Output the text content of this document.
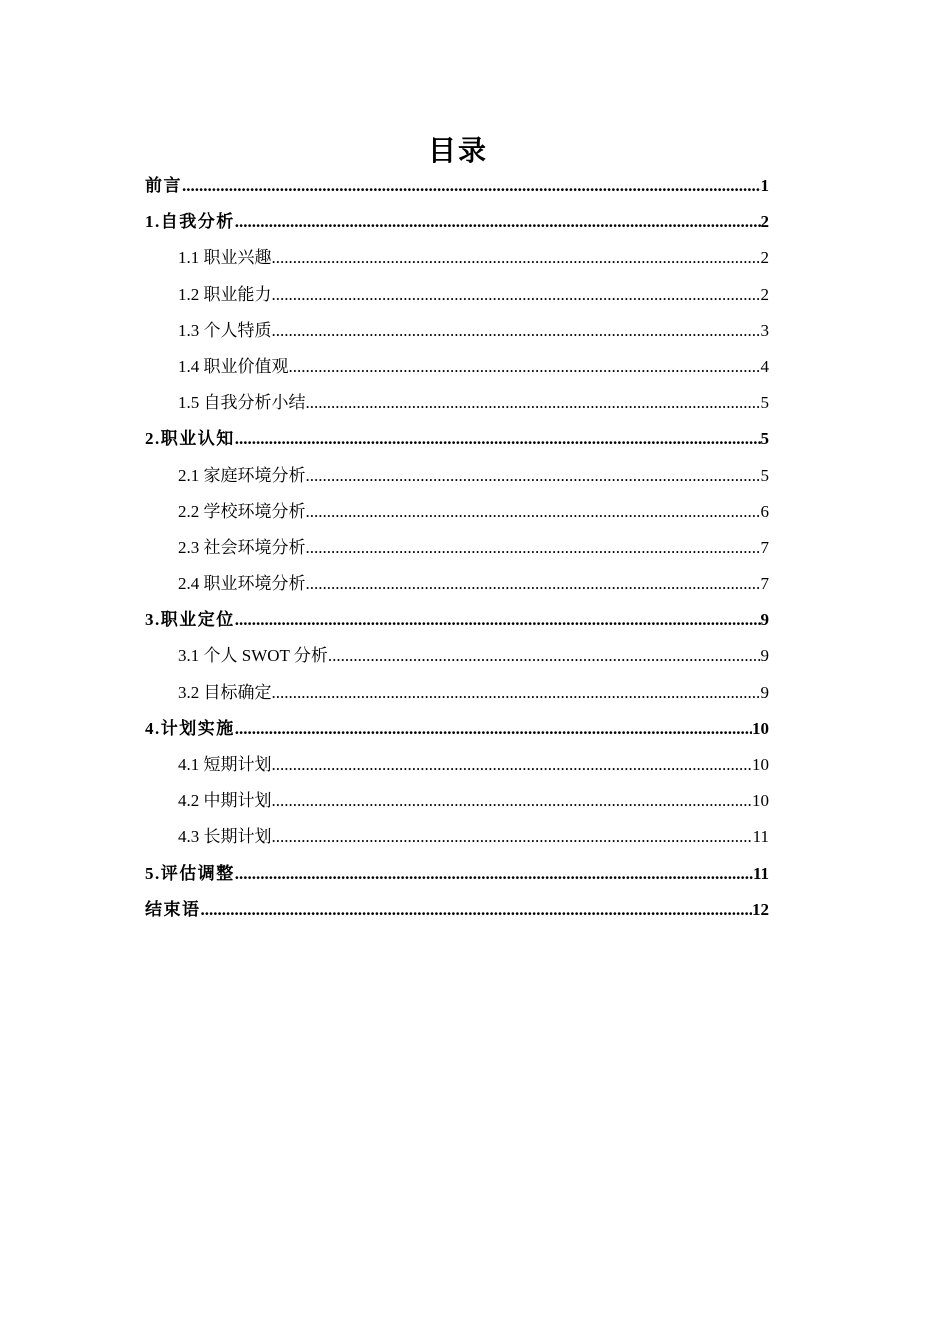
目录
前言 .....	1
1.自我分析 .....	2
1.1 职业兴趣 .....	2
1.2 职业能力 .....	2
1.3 个人特质 .....	3
1.4 职业价值观 .....	4
1.5 自我分析小结 .....	5
2.职业认知 .....	5
2.1 家庭环境分析 .....	5
2.2 学校环境分析 .....	6
2.3 社会环境分析 .....	7
2.4 职业环境分析 .....	7
3.职业定位 .....	9
3.1 个人 SWOT 分析 .....	9
3.2 目标确定 .....	9
4.计划实施 .....	10
4.1 短期计划 .....	10
4.2 中期计划 .....	10
4.3 长期计划 .....	11
5.评估调整 .....	11
结束语 .....	12
